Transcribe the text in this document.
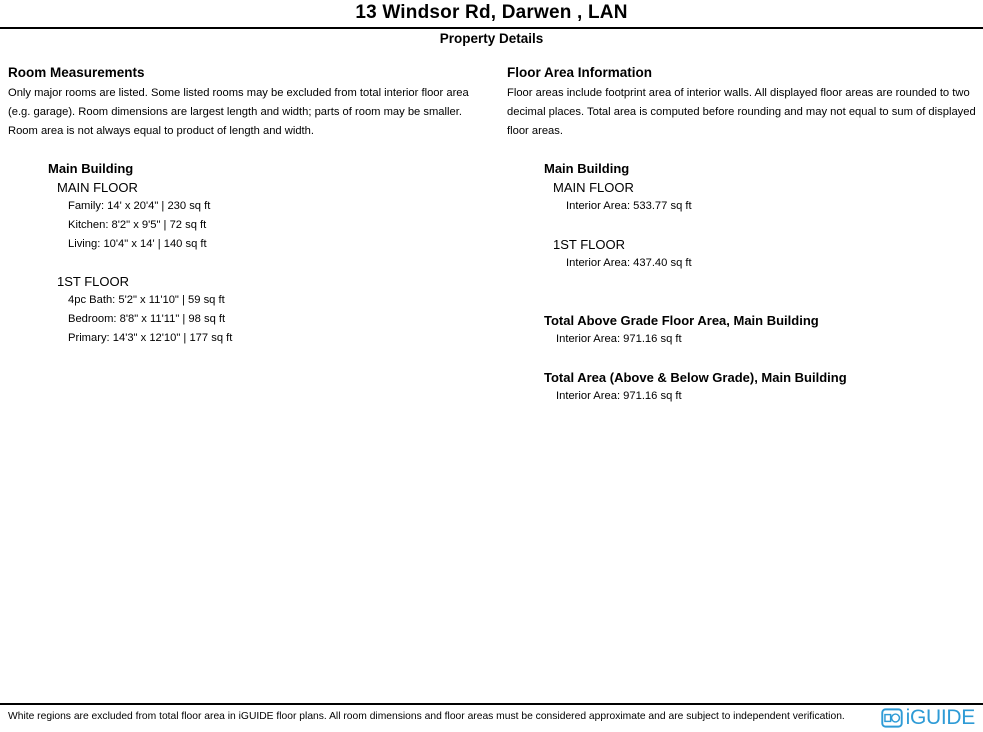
13 Windsor Rd, Darwen , LAN
Property Details
Room Measurements

Only major rooms are listed. Some listed rooms may be excluded from total interior floor area (e.g. garage). Room dimensions are largest length and width; parts of room may be smaller. Room area is not always equal to product of length and width.

Main Building
MAIN FLOOR
Family: 14' x 20'4" | 230 sq ft
Kitchen: 8'2" x 9'5" | 72 sq ft
Living: 10'4" x 14' | 140 sq ft
1ST FLOOR
4pc Bath: 5'2" x 11'10" | 59 sq ft
Bedroom: 8'8" x 11'11" | 98 sq ft
Primary: 14'3" x 12'10" | 177 sq ft
Floor Area Information

Floor areas include footprint area of interior walls. All displayed floor areas are rounded to two decimal places. Total area is computed before rounding and may not equal to sum of displayed floor areas.

Main Building
MAIN FLOOR
Interior Area: 533.77 sq ft
1ST FLOOR
Interior Area: 437.40 sq ft
Total Above Grade Floor Area, Main Building
Interior Area: 971.16 sq ft
Total Area (Above & Below Grade), Main Building
Interior Area: 971.16 sq ft

White regions are excluded from total floor area in iGUIDE floor plans. All room dimensions and floor areas must be considered approximate and are subject to independent verification.	iGUIDE
